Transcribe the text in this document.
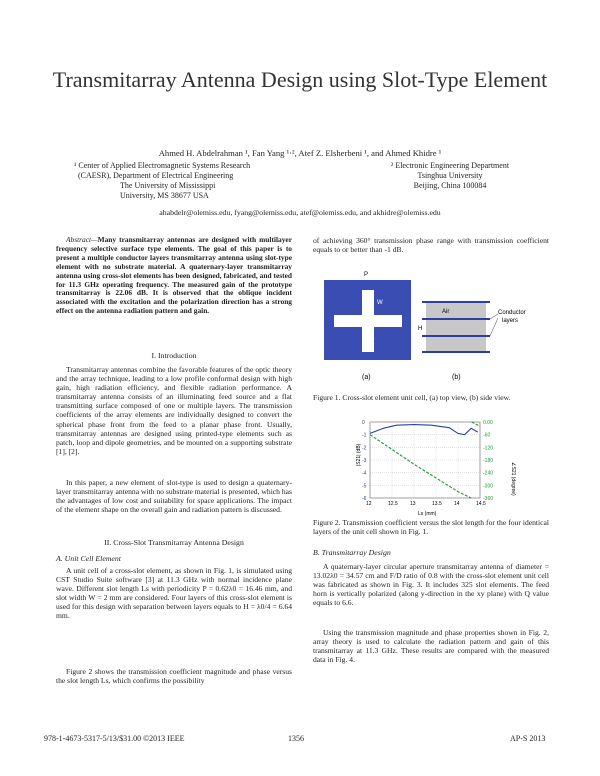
Transmitarray Antenna Design using Slot-Type Element
Ahmed H. Abdelrahman ¹, Fan Yang ¹·², Atef Z. Elsherbeni ¹, and Ahmed Khidre ¹
¹ Center of Applied Electromagnetic Systems Research
(CAESR), Department of Electrical Engineering
The University of Mississippi
University, MS 38677 USA
² Electronic Engineering Department
Tsinghua University
Beijing, China 100084
ahabdelr@olemiss.edu, fyang@olemiss.edu, atef@olemiss.edu, and akhidre@olemiss.edu

Abstract—Many transmitarray antennas are designed with multilayer frequency selective surface type elements. The goal of this paper is to present a multiple conductor layers transmitarray antenna using slot-type element with no substrate material. A quaternary-layer transmitarray antenna using cross-slot elements has been designed, fabricated, and tested for 11.3 GHz operating frequency. The measured gain of the prototype transmitarray is 22.06 dB. It is observed that the oblique incident associated with the excitation and the polarization direction has a strong effect on the antenna radiation pattern and gain.

I. Introduction

Transmitarray antennas combine the favorable features of the optic theory and the array technique, leading to a low profile conformal design with high gain, high radiation efficiency, and flexible radiation performance. A transmitarray antenna consists of an illuminating feed source and a flat transmitting surface composed of one or multiple layers. The transmission coefficients of the array elements are individually designed to convert the spherical phase front from the feed to a planar phase front. Usually, transmitarray antennas are designed using printed-type elements such as patch, loop and dipole geometries, and be mounted on a supporting substrate [1], [2].

In this paper, a new element of slot-type is used to design a quaternary-layer transmitarray antenna with no substrate material is presented, which has the advantages of low cost and suitability for space applications. The impact of the element shape on the overall gain and radiation pattern is discussed.

II. Cross-Slot Transmitarray Antenna Design
A. Unit Cell Element

A unit cell of a cross-slot element, as shown in Fig. 1, is simulated using CST Studio Suite software [3] at 11.3 GHz with normal incidence plane wave. Different slot length Ls with periodicity P = 0.62λ0 = 16.46 mm, and slot width W = 2 mm are considered. Four layers of this cross-slot element is used for this design with separation between layers equals to H = λ0/4 = 6.64 mm.

Figure 2 shows the transmission coefficient magnitude and phase versus the slot length Ls, which confirms the possibility

of achieving 360° transmission phase range with transmission coefficient equals to or better than -1 dB.

P
W
Ls
Air
H
Conductor
layers
(a)	(b)
Figure 1. Cross-slot element unit cell, (a) top view, (b) side view.
12	12.5 13	13.5 14	14.5
0
-1
-2
-3
-4
-5
-6
0.00
-60
-120
-180
-240
-300
-360
|S21| (dB)
∠S21 (degree)
Ls (mm)
Figure 2. Transmission coefficient versus the slot length for the four identical layers of the unit cell shown in Fig. 1.
B. Transmitarray Design

A quaternary-layer circular aperture transmitarray antenna of diameter = 13.02λ0 = 34.57 cm and F/D ratio of 0.8 with the cross-slot element unit cell was fabricated as shown in Fig. 3. It includes 325 slot elements. The feed horn is vertically polarized (along y-direction in the xy plane) with Q value equals to 6.6.

Using the transmission magnitude and phase properties shown in Fig. 2, array theory is used to calculate the radiation pattern and gain of this transmitarray at 11.3 GHz. These results are compared with the measured data in Fig. 4.

978-1-4673-5317-5/13/$31.00 ©2013 IEEE	1356	AP-S 2013
